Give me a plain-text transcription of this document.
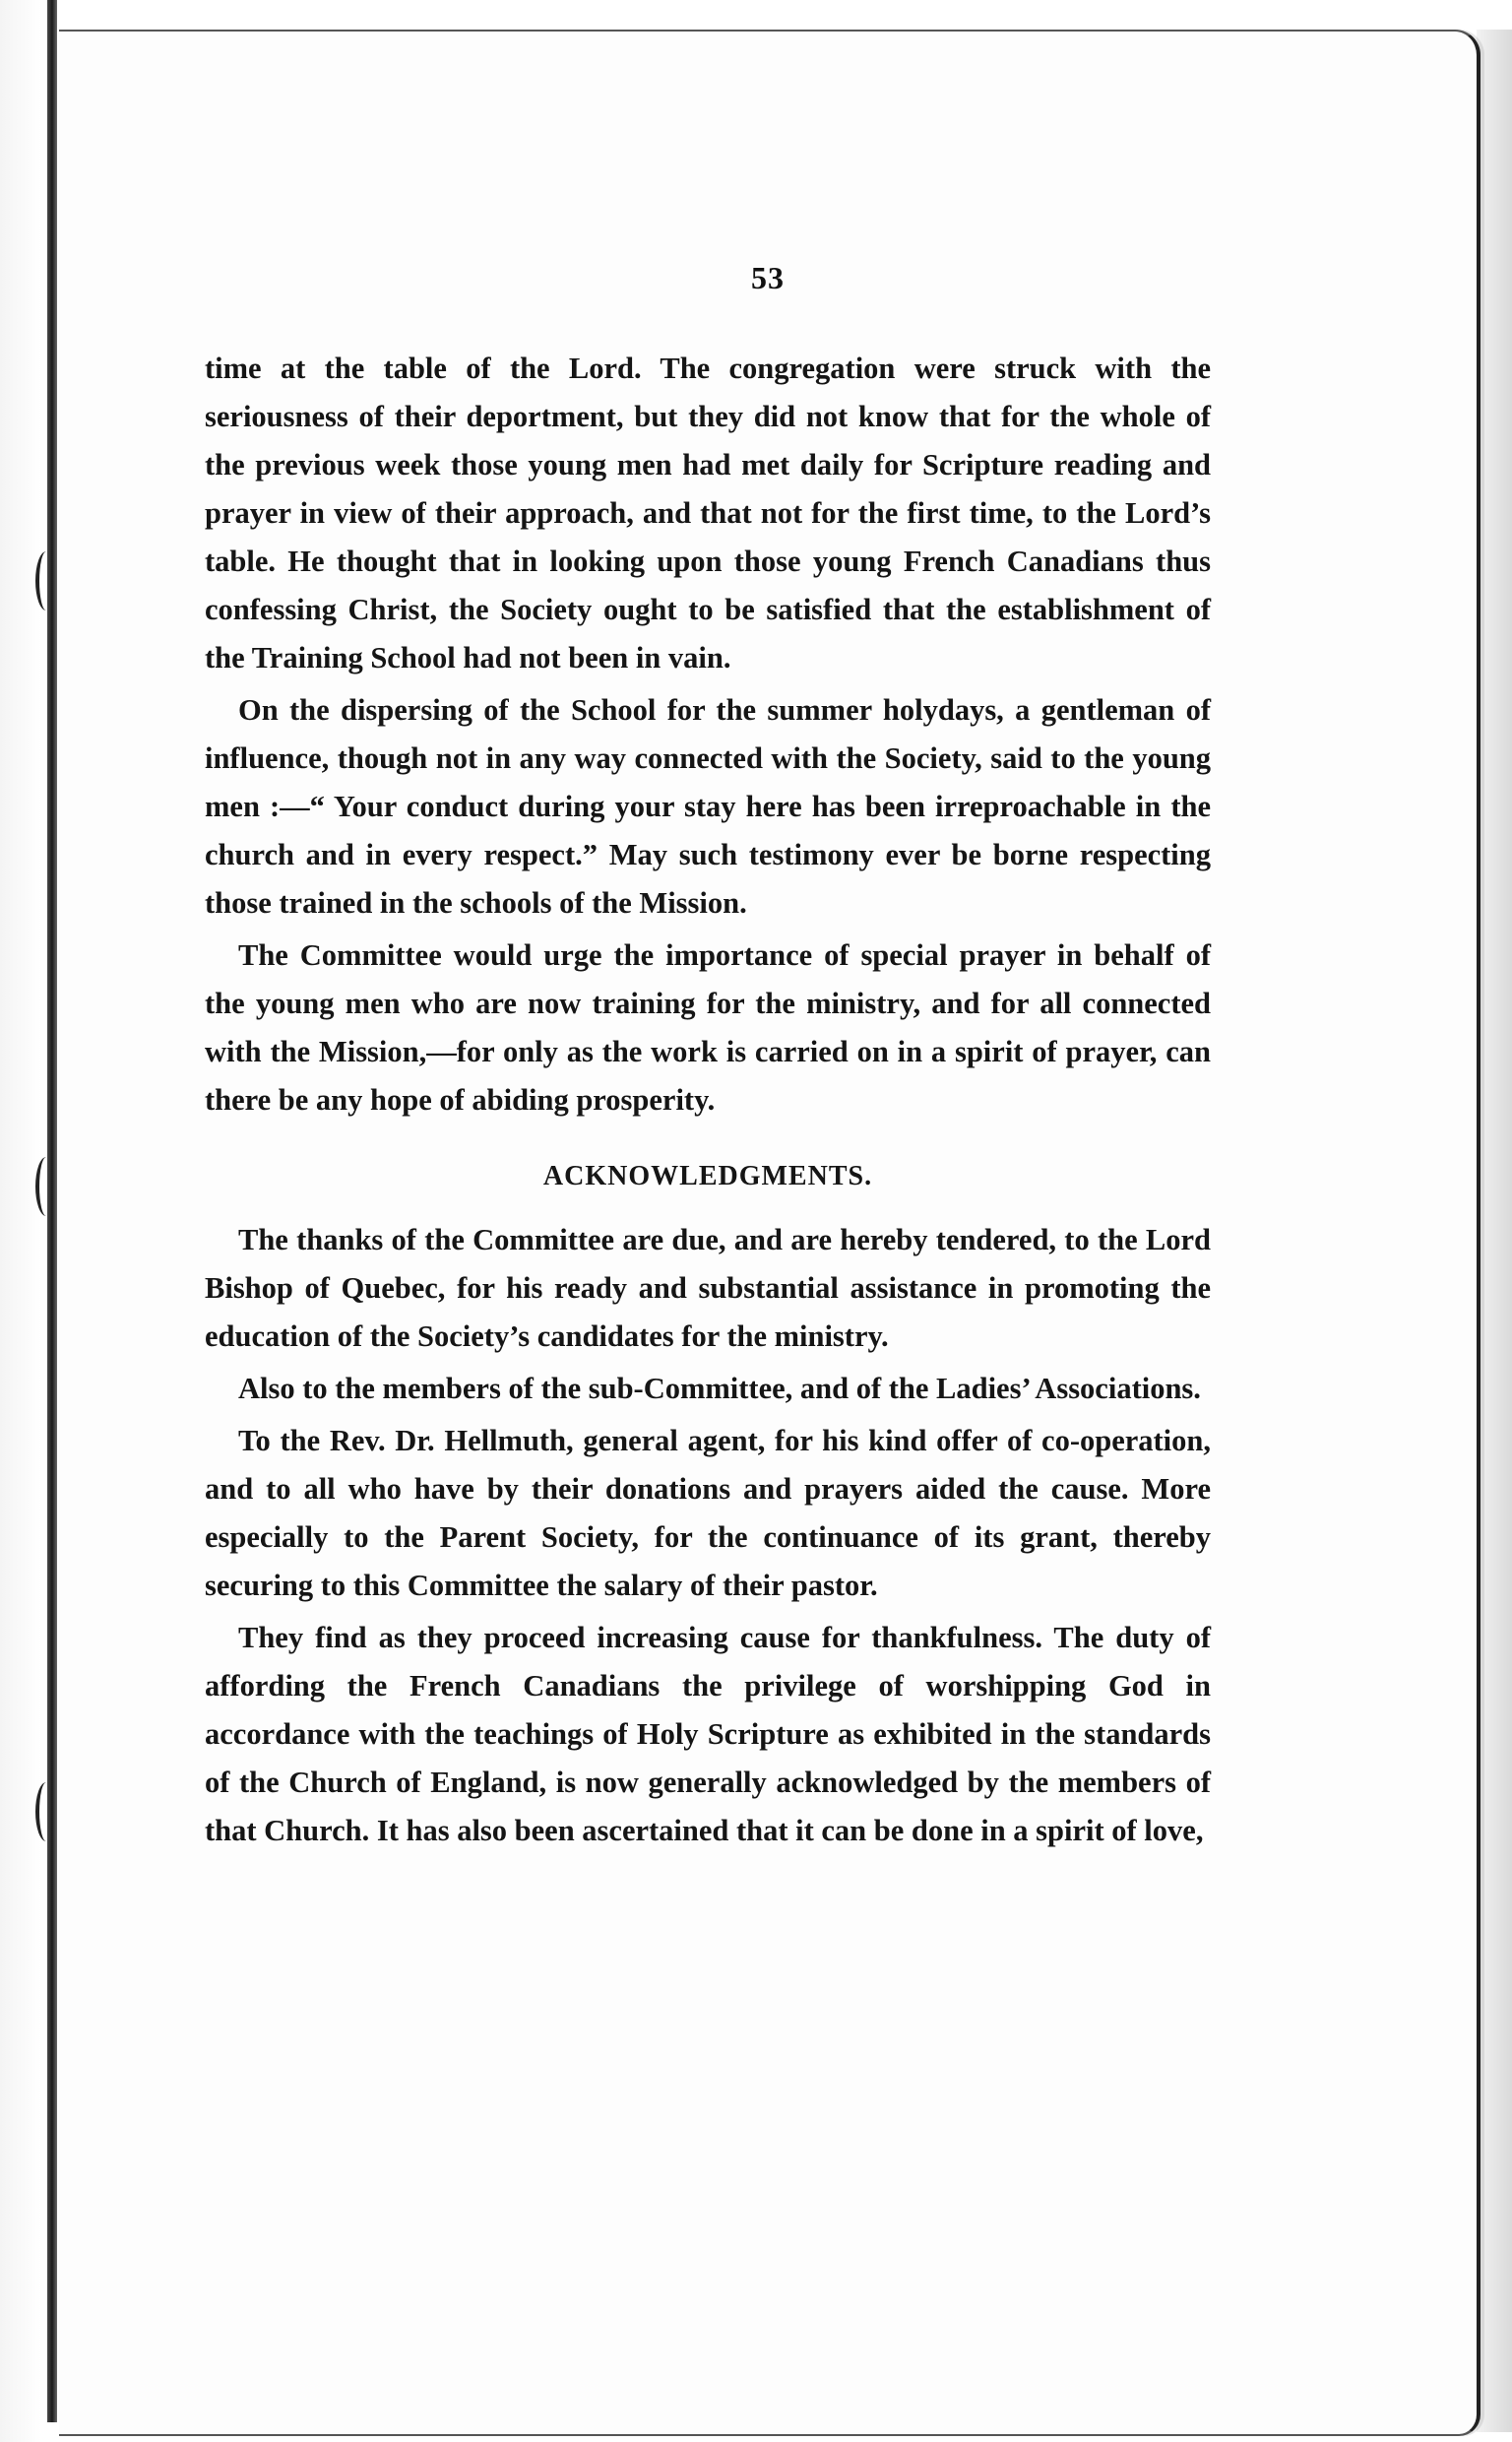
53

time at the table of the Lord. The congregation were struck with the seriousness of their deportment, but they did not know that for the whole of the previous week those young men had met daily for Scripture reading and prayer in view of their approach, and that not for the first time, to the Lord’s table. He thought that in looking upon those young French Canadians thus confessing Christ, the Society ought to be satisfied that the establishment of the Training School had not been in vain.

On the dispersing of the School for the summer holydays, a gentleman of influence, though not in any way connected with the Society, said to the young men :—“ Your conduct during your stay here has been irreproachable in the church and in every respect.” May such testimony ever be borne respecting those trained in the schools of the Mission.

The Committee would urge the importance of special prayer in behalf of the young men who are now training for the ministry, and for all connected with the Mission,—for only as the work is carried on in a spirit of prayer, can there be any hope of abiding prosperity.

ACKNOWLEDGMENTS.

The thanks of the Committee are due, and are hereby tendered, to the Lord Bishop of Quebec, for his ready and substantial assistance in promoting the education of the Society’s candidates for the ministry.

Also to the members of the sub-Committee, and of the Ladies’ Associations.

To the Rev. Dr. Hellmuth, general agent, for his kind offer of co-operation, and to all who have by their donations and prayers aided the cause. More especially to the Parent Society, for the continuance of its grant, thereby securing to this Committee the salary of their pastor.

They find as they proceed increasing cause for thankfulness. The duty of affording the French Canadians the privilege of worshipping God in accordance with the teachings of Holy Scripture as exhibited in the standards of the Church of England, is now generally acknowledged by the members of that Church. It has also been ascertained that it can be done in a spirit of love,
